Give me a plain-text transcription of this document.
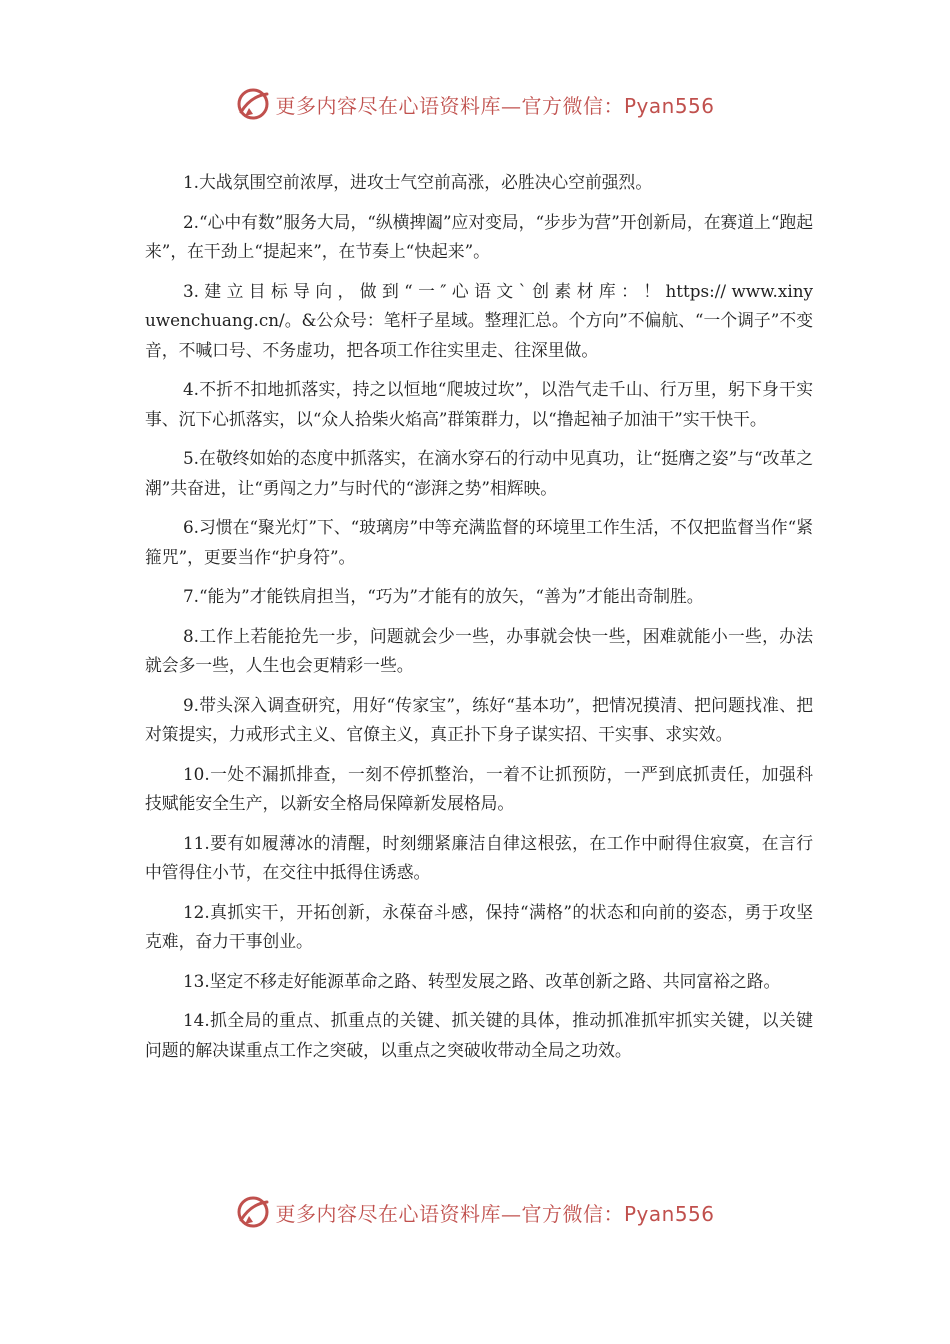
更多内容尽在心语资料库—官方微信：Pyan556

1.大战氛围空前浓厚，进攻士气空前高涨，必胜决心空前强烈。

2.“心中有数”服务大局，“纵横捭阖”应对变局，“步步为营”开创新局，在赛道上“跑起来”，在干劲上“提起来”，在节奏上“快起来”。

3. 建 立 目 标 导 向 ， 做 到 “ 一 ″ 心 语 文 ` 创 素 材 库 ： ！ https:// www.xinyuwenchuang.cn/。&公众号：笔杆子星域。整理汇总。个方向”不偏航、“一个调子”不变音，不喊口号、不务虚功，把各项工作往实里走、往深里做。

4.不折不扣地抓落实，持之以恒地“爬坡过坎”，以浩气走千山、行万里，躬下身干实事、沉下心抓落实，以“众人拾柴火焰高”群策群力，以“撸起袖子加油干”实干快干。

5.在敬终如始的态度中抓落实，在滴水穿石的行动中见真功，让“挺膺之姿”与“改革之潮”共奋进，让“勇闯之力”与时代的“澎湃之势”相辉映。

6.习惯在“聚光灯”下、“玻璃房”中等充满监督的环境里工作生活，不仅把监督当作“紧箍咒”，更要当作“护身符”。

7.“能为”才能铁肩担当，“巧为”才能有的放矢，“善为”才能出奇制胜。

8.工作上若能抢先一步，问题就会少一些，办事就会快一些，困难就能小一些，办法就会多一些，人生也会更精彩一些。

9.带头深入调查研究，用好“传家宝”，练好“基本功”，把情况摸清、把问题找准、把对策提实，力戒形式主义、官僚主义，真正扑下身子谋实招、干实事、求实效。

10.一处不漏抓排查，一刻不停抓整治，一着不让抓预防，一严到底抓责任，加强科技赋能安全生产，以新安全格局保障新发展格局。

11.要有如履薄冰的清醒，时刻绷紧廉洁自律这根弦，在工作中耐得住寂寞，在言行中管得住小节，在交往中抵得住诱惑。

12.真抓实干，开拓创新，永葆奋斗感，保持“满格”的状态和向前的姿态，勇于攻坚克难，奋力干事创业。

13.坚定不移走好能源革命之路、转型发展之路、改革创新之路、共同富裕之路。

14.抓全局的重点、抓重点的关键、抓关键的具体，推动抓准抓牢抓实关键，以关键问题的解决谋重点工作之突破，以重点之突破收带动全局之功效。

更多内容尽在心语资料库—官方微信：Pyan556
